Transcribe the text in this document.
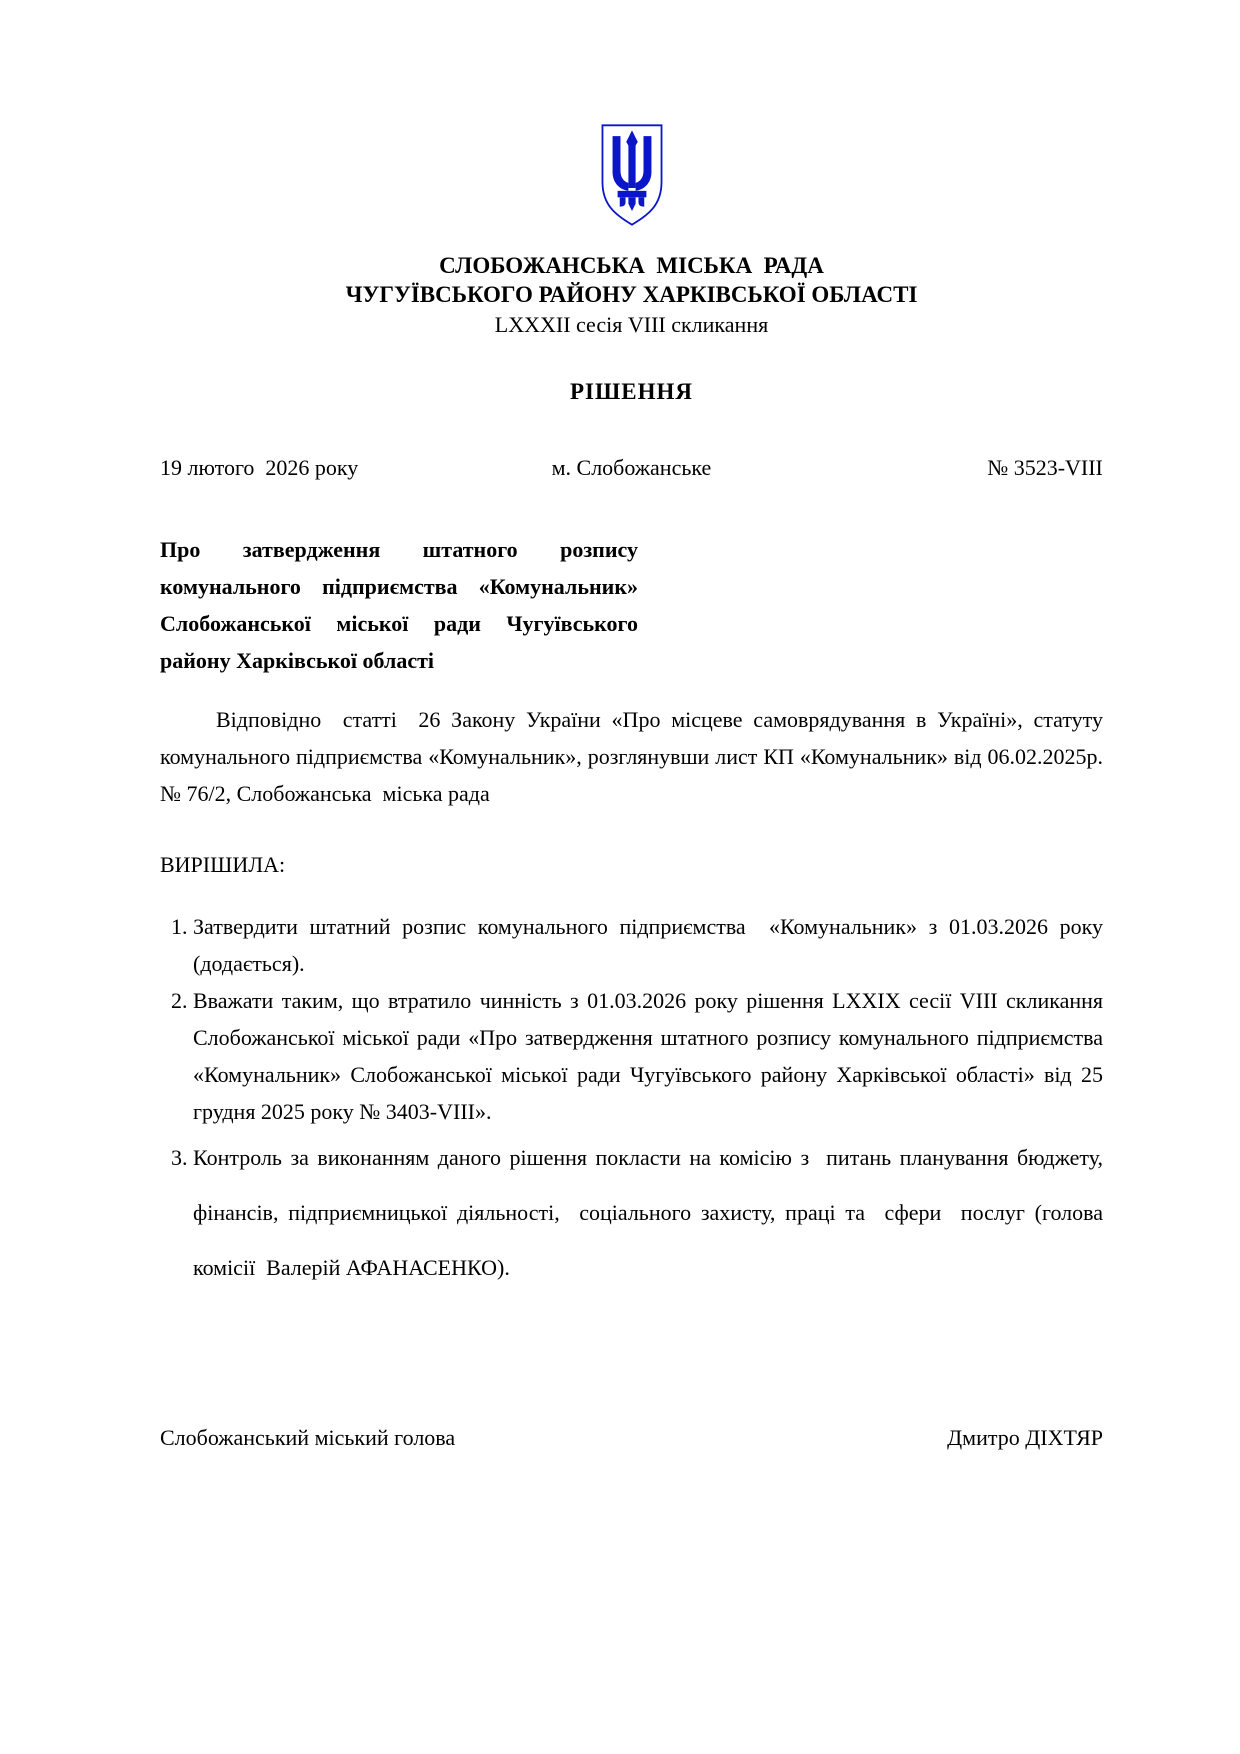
СЛОБОЖАНСЬКА  МІСЬКА  РАДА
ЧУГУЇВСЬКОГО РАЙОНУ ХАРКІВСЬКОЇ ОБЛАСТІ
LXXXII сесія VIII скликання
РІШЕННЯ
19 лютого  2026 року	м. Слобожанське	№ 3523-VIII
Про затвердження штатного розпису комунального підприємства «Комунальник» Слобожанської міської ради Чугуївського району Харківської області

Відповідно  статті  26 Закону України «Про місцеве самоврядування в Україні», статуту комунального підприємства «Комунальник», розглянувши лист КП «Комунальник» від 06.02.2025р. № 76/2, Слобожанська  міська рада

ВИРІШИЛА:
1. Затвердити штатний розпис комунального підприємства  «Комунальник» з 01.03.2026 року (додається).
2. Вважати таким, що втратило чинність з 01.03.2026 року рішення LXXIX сесії VIII скликання Слобожанської міської ради «Про затвердження штатного розпису комунального підприємства «Комунальник» Слобожанської міської ради Чугуївського району Харківської області» від 25 грудня 2025 року № 3403-VIII».
3. Контроль за виконанням даного рішення покласти на комісію з  питань планування бюджету, фінансів, підприємницької діяльності,  соціального захисту, праці та  сфери  послуг (голова комісії  Валерій АФАНАСЕНКО).
Слобожанський міський голова	Дмитро ДІХТЯР
